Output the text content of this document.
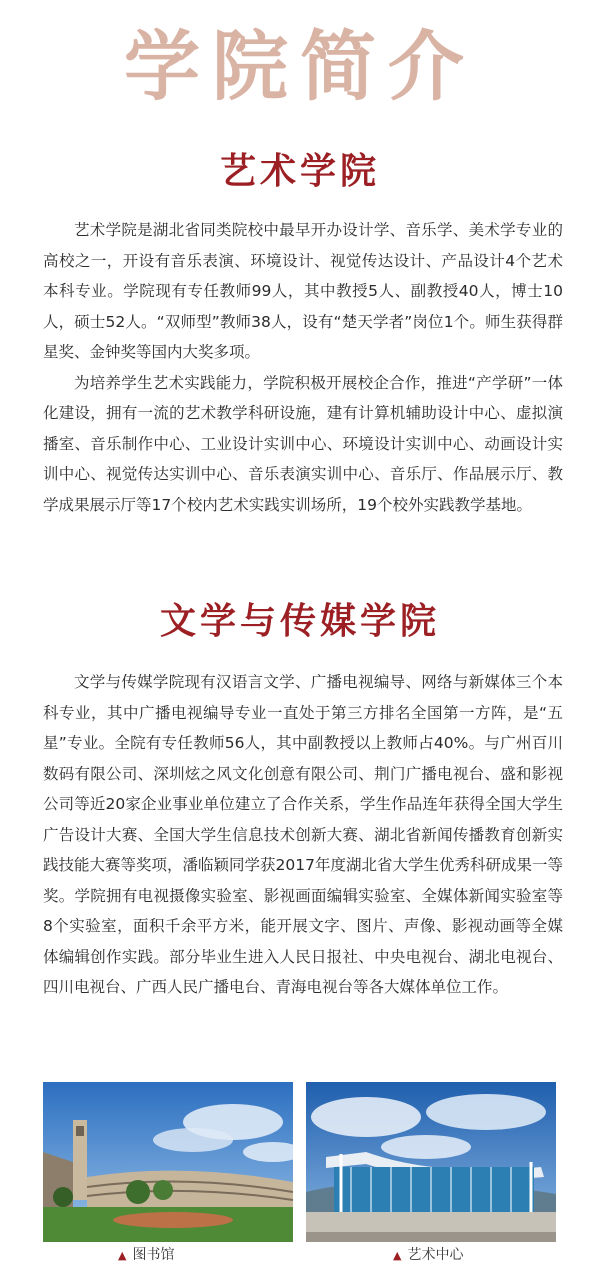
学院简介
艺术学院

艺术学院是湖北省同类院校中最早开办设计学、音乐学、美术学专业的高校之一，开设有音乐表演、环境设计、视觉传达设计、产品设计4个艺术本科专业。学院现有专任教师99人，其中教授5人、副教授40人，博士10人，硕士52人。“双师型”教师38人，设有“楚天学者”岗位1个。师生获得群星奖、金钟奖等国内大奖多项。

为培养学生艺术实践能力，学院积极开展校企合作，推进“产学研”一体化建设，拥有一流的艺术教学科研设施，建有计算机辅助设计中心、虚拟演播室、音乐制作中心、工业设计实训中心、环境设计实训中心、动画设计实训中心、视觉传达实训中心、音乐表演实训中心、音乐厅、作品展示厅、教学成果展示厅等17个校内艺术实践实训场所，19个校外实践教学基地。

文学与传媒学院

文学与传媒学院现有汉语言文学、广播电视编导、网络与新媒体三个本科专业，其中广播电视编导专业一直处于第三方排名全国第一方阵，是“五星”专业。全院有专任教师56人，其中副教授以上教师占40%。与广州百川数码有限公司、深圳炫之风文化创意有限公司、荆门广播电视台、盛和影视公司等近20家企业事业单位建立了合作关系，学生作品连年获得全国大学生广告设计大赛、全国大学生信息技术创新大赛、湖北省新闻传播教育创新实践技能大赛等奖项，潘临颖同学获2017年度湖北省大学生优秀科研成果一等奖。学院拥有电视摄像实验室、影视画面编辑实验室、全媒体新闻实验室等8个实验室，面积千余平方米，能开展文字、图片、声像、影视动画等全媒体编辑创作实践。部分毕业生进入人民日报社、中央电视台、湖北电视台、四川电视台、广西人民广播电台、青海电视台等各大媒体单位工作。

▲ 图书馆	▲ 艺术中心
